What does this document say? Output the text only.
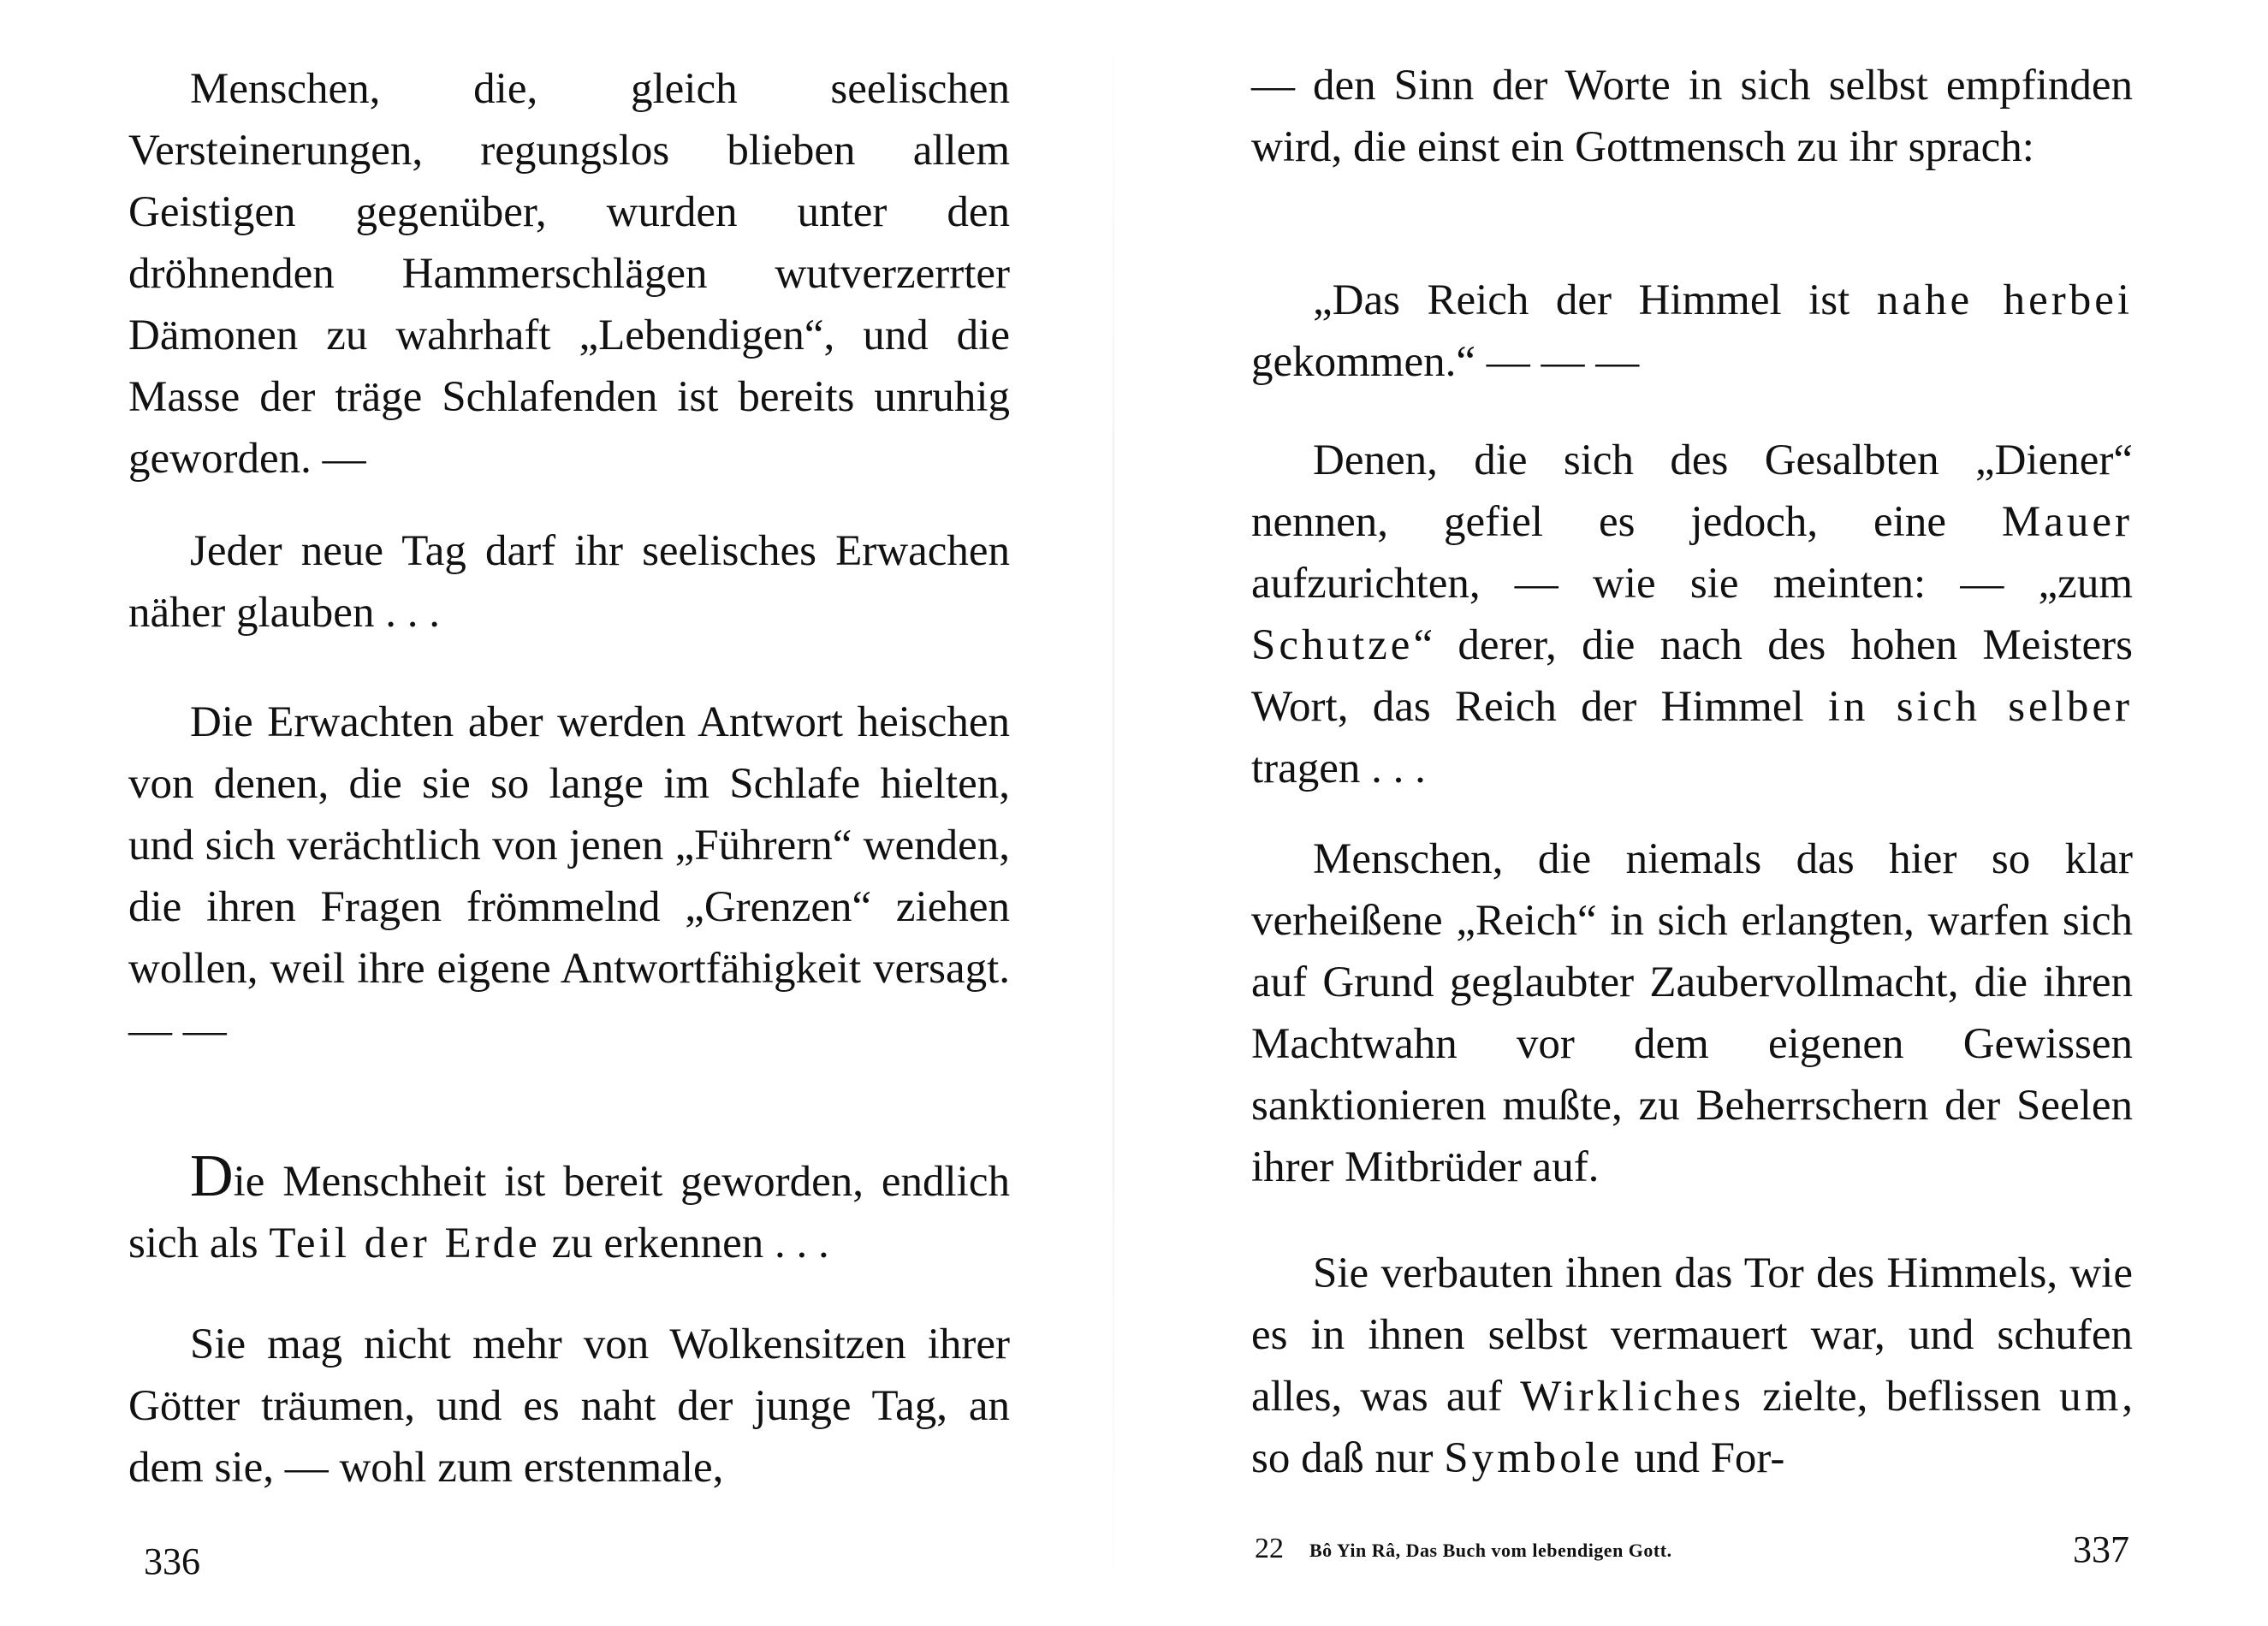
Menschen, die, gleich seelischen Versteinerungen, regungslos blieben allem Geistigen gegenüber, wurden unter den dröhnenden Hammerschlägen wutverzerrter Dämonen zu wahrhaft „Lebendigen“, und die Masse der träge Schlafenden ist bereits unruhig geworden. —

Jeder neue Tag darf ihr seelisches Erwachen näher glauben . . .

Die Erwachten aber werden Antwort heischen von denen, die sie so lange im Schlafe hielten, und sich verächtlich von jenen „Führern“ wenden, die ihren Fragen frömmelnd „Grenzen“ ziehen wollen, weil ihre eigene Antwortfähigkeit versagt. — —

Die Menschheit ist bereit geworden, endlich sich als Teil der Erde zu erkennen . . .

Sie mag nicht mehr von Wolkensitzen ihrer Götter träumen, und es naht der junge Tag, an dem sie, — wohl zum erstenmale,

336

— den Sinn der Worte in sich selbst empfinden wird, die einst ein Gottmensch zu ihr sprach:

„Das Reich der Himmel ist nahe herbei gekommen.“ — — —

Denen, die sich des Gesalbten „Diener“ nennen, gefiel es jedoch, eine Mauer aufzurichten, — wie sie meinten: — „zum Schutze“ derer, die nach des hohen Meisters Wort, das Reich der Himmel in sich selber tragen . . .

Menschen, die niemals das hier so klar verheißene „Reich“ in sich erlangten, warfen sich auf Grund geglaubter Zaubervollmacht, die ihren Machtwahn vor dem eigenen Gewissen sanktionieren mußte, zu Beherrschern der Seelen ihrer Mitbrüder auf.

Sie verbauten ihnen das Tor des Himmels, wie es in ihnen selbst vermauert war, und schufen alles, was auf Wirkliches zielte, beflissen um, so daß nur Symbole und For-

22 Bô Yin Râ, Das Buch vom lebendigen Gott.	337
